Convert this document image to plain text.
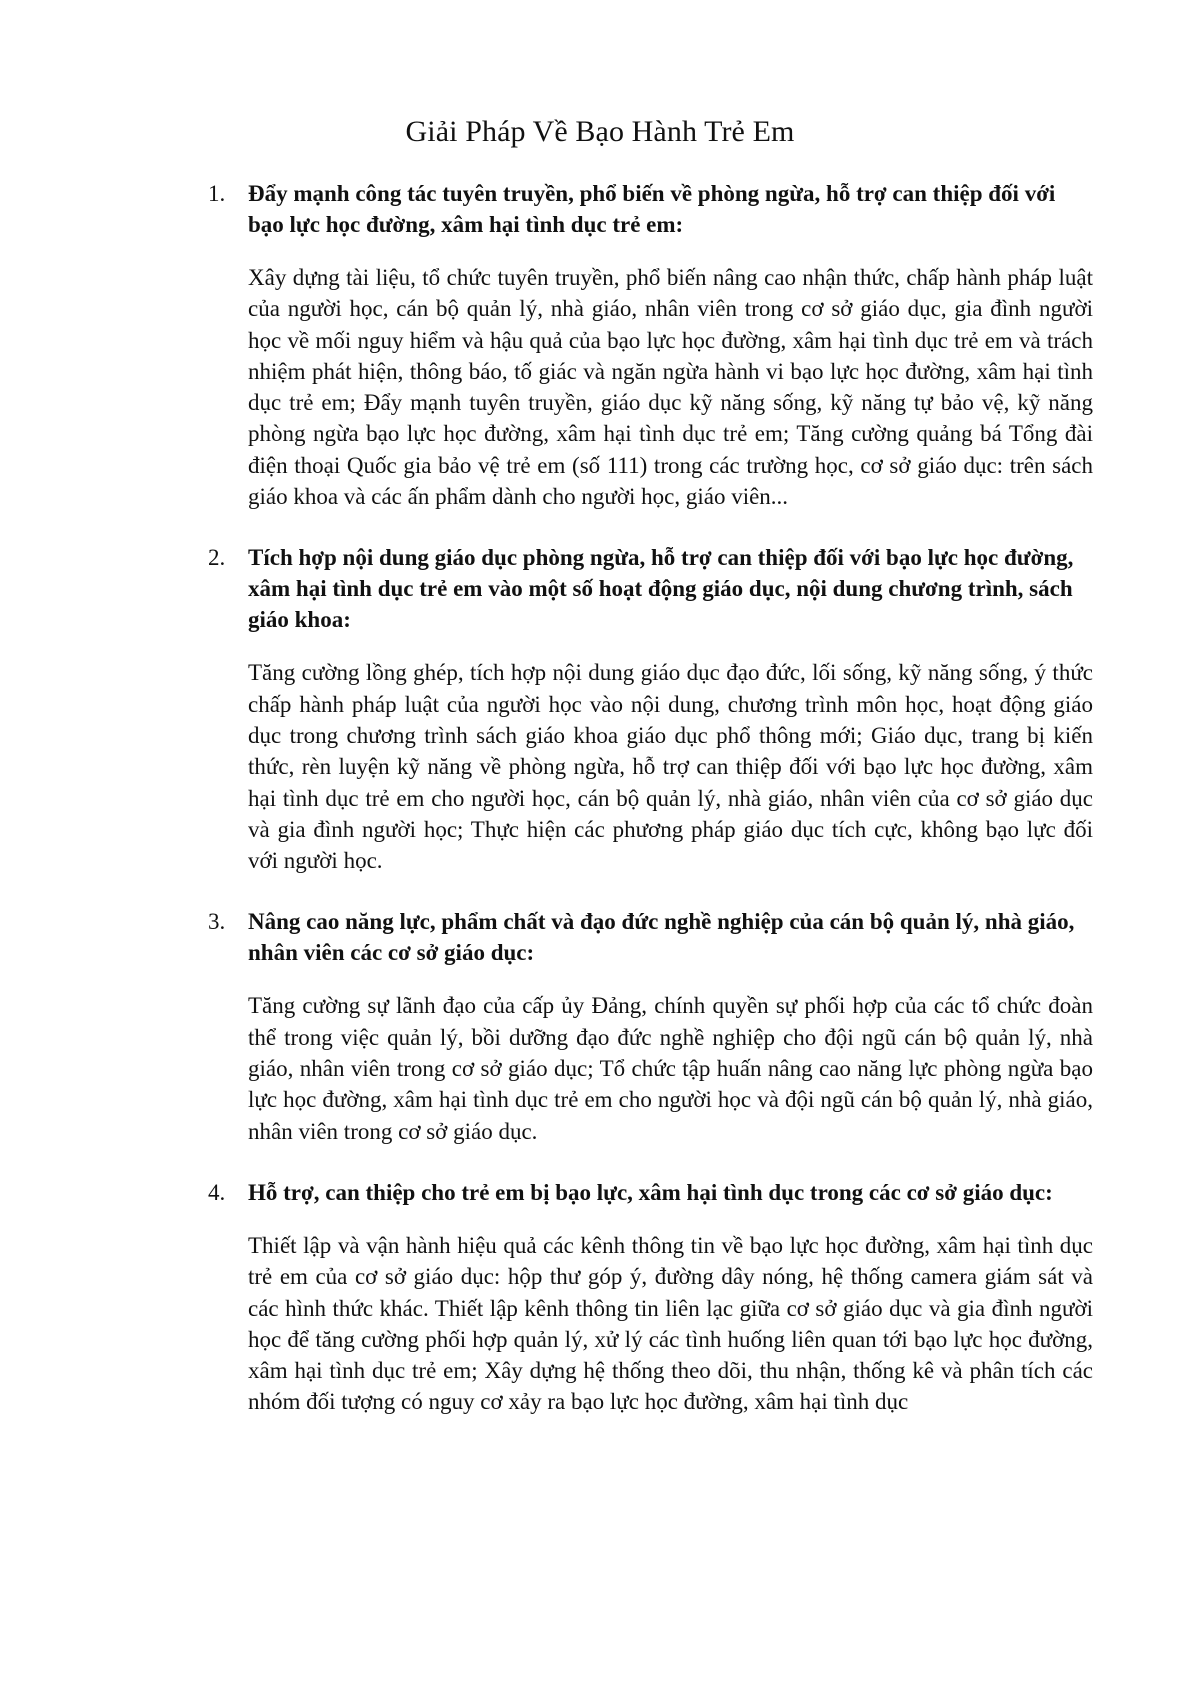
Giải Pháp Về Bạo Hành Trẻ Em
1. Đẩy mạnh công tác tuyên truyền, phổ biến về phòng ngừa, hỗ trợ can thiệp đối với bạo lực học đường, xâm hại tình dục trẻ em:

Xây dựng tài liệu, tổ chức tuyên truyền, phổ biến nâng cao nhận thức, chấp hành pháp luật của người học, cán bộ quản lý, nhà giáo, nhân viên trong cơ sở giáo dục, gia đình người học về mối nguy hiểm và hậu quả của bạo lực học đường, xâm hại tình dục trẻ em và trách nhiệm phát hiện, thông báo, tố giác và ngăn ngừa hành vi bạo lực học đường, xâm hại tình dục trẻ em; Đẩy mạnh tuyên truyền, giáo dục kỹ năng sống, kỹ năng tự bảo vệ, kỹ năng phòng ngừa bạo lực học đường, xâm hại tình dục trẻ em; Tăng cường quảng bá Tổng đài điện thoại Quốc gia bảo vệ trẻ em (số 111) trong các trường học, cơ sở giáo dục: trên sách giáo khoa và các ấn phẩm dành cho người học, giáo viên...

2. Tích hợp nội dung giáo dục phòng ngừa, hỗ trợ can thiệp đối với bạo lực học đường, xâm hại tình dục trẻ em vào một số hoạt động giáo dục, nội dung chương trình, sách giáo khoa:

Tăng cường lồng ghép, tích hợp nội dung giáo dục đạo đức, lối sống, kỹ năng sống, ý thức chấp hành pháp luật của người học vào nội dung, chương trình môn học, hoạt động giáo dục trong chương trình sách giáo khoa giáo dục phổ thông mới; Giáo dục, trang bị kiến thức, rèn luyện kỹ năng về phòng ngừa, hỗ trợ can thiệp đối với bạo lực học đường, xâm hại tình dục trẻ em cho người học, cán bộ quản lý, nhà giáo, nhân viên của cơ sở giáo dục và gia đình người học; Thực hiện các phương pháp giáo dục tích cực, không bạo lực đối với người học.

3. Nâng cao năng lực, phẩm chất và đạo đức nghề nghiệp của cán bộ quản lý, nhà giáo, nhân viên các cơ sở giáo dục:

Tăng cường sự lãnh đạo của cấp ủy Đảng, chính quyền sự phối hợp của các tổ chức đoàn thể trong việc quản lý, bồi dưỡng đạo đức nghề nghiệp cho đội ngũ cán bộ quản lý, nhà giáo, nhân viên trong cơ sở giáo dục; Tổ chức tập huấn nâng cao năng lực phòng ngừa bạo lực học đường, xâm hại tình dục trẻ em cho người học và đội ngũ cán bộ quản lý, nhà giáo, nhân viên trong cơ sở giáo dục.

4. Hỗ trợ, can thiệp cho trẻ em bị bạo lực, xâm hại tình dục trong các cơ sở giáo dục:

Thiết lập và vận hành hiệu quả các kênh thông tin về bạo lực học đường, xâm hại tình dục trẻ em của cơ sở giáo dục: hộp thư góp ý, đường dây nóng, hệ thống camera giám sát và các hình thức khác. Thiết lập kênh thông tin liên lạc giữa cơ sở giáo dục và gia đình người học để tăng cường phối hợp quản lý, xử lý các tình huống liên quan tới bạo lực học đường, xâm hại tình dục trẻ em; Xây dựng hệ thống theo dõi, thu nhận, thống kê và phân tích các nhóm đối tượng có nguy cơ xảy ra bạo lực học đường, xâm hại tình dục
